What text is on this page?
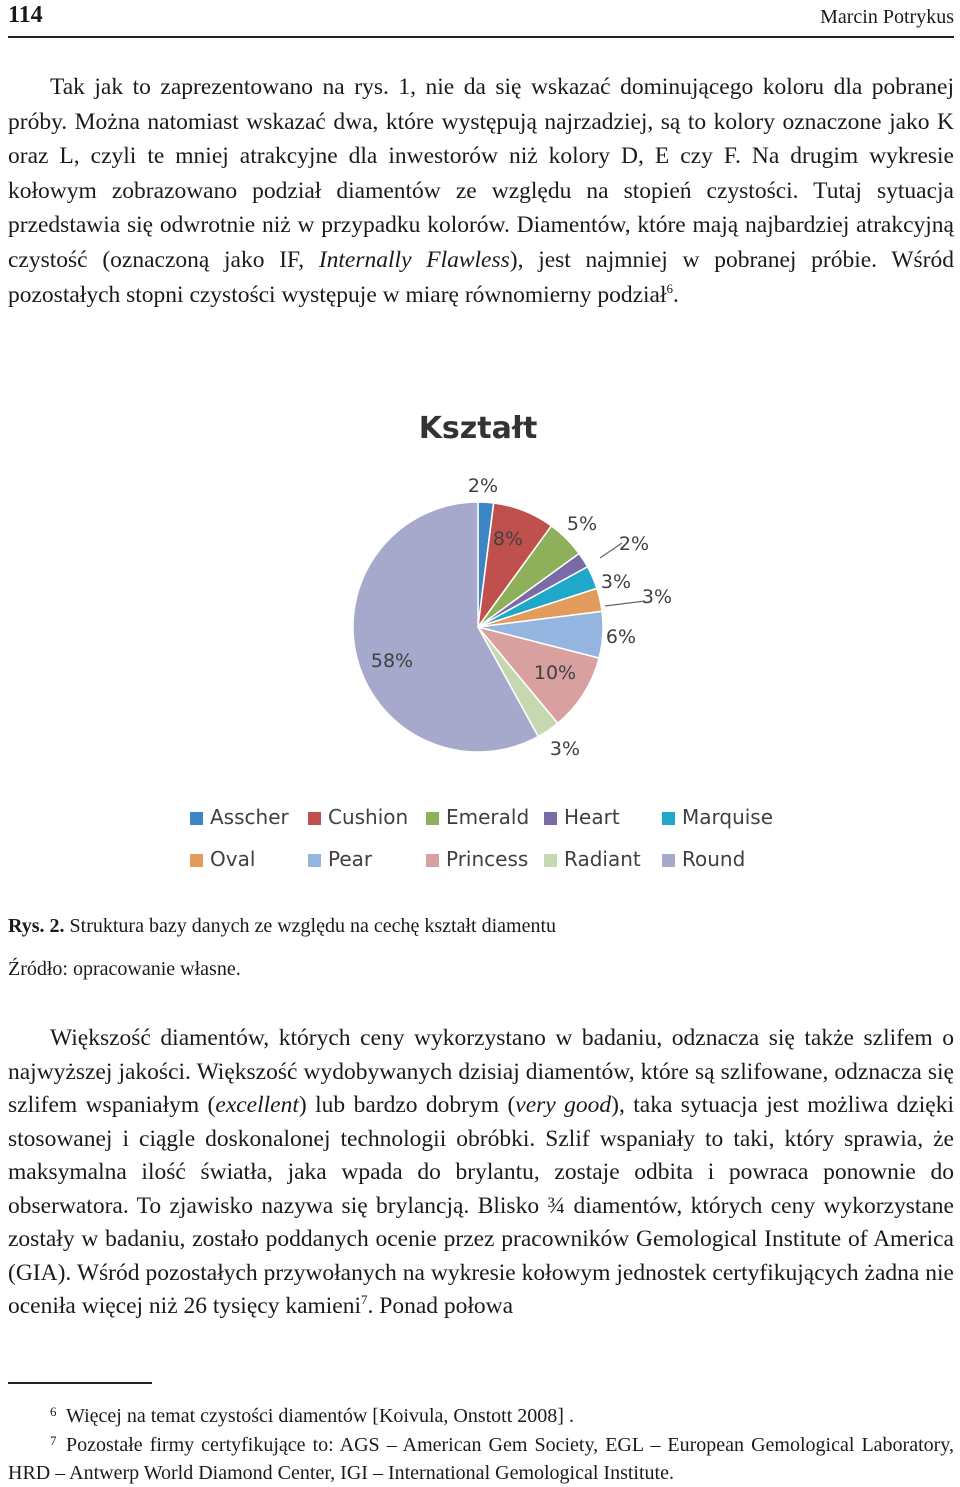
114	Marcin Potrykus
Tak jak to zaprezentowano na rys. 1, nie da się wskazać dominującego koloru dla pobranej próby. Można natomiast wskazać dwa, które występują najrzadziej, są to kolory oznaczone jako K oraz L, czyli te mniej atrakcyjne dla inwestorów niż kolory D, E czy F. Na drugim wykresie kołowym zobrazowano podział diamentów ze względu na stopień czystości. Tutaj sytuacja przedstawia się odwrotnie niż w przypadku kolorów. Diamentów, które mają najbardziej atrakcyjną czystość (oznaczoną jako IF, Internally Flawless), jest najmniej w pobranej próbie. Wśród pozostałych stopni czystości występuje w miarę równomierny podział$^6$.
Kształt
2%
8%
5%
2%
3%
3%
6%
10%
3%
58%
Asscher Cushion Emerald Heart	Marquise
Oval	Pear	Princess Radiant Round
Rys. 2. Struktura bazy danych ze względu na cechę kształt diamentu
Źródło: opracowanie własne.
Większość diamentów, których ceny wykorzystano w badaniu, odznacza się także szlifem o najwyższej jakości. Większość wydobywanych dzisiaj diamentów, które są szlifowane, odznacza się szlifem wspaniałym (excellent) lub bardzo dobrym (very good), taka sytuacja jest możliwa dzięki stosowanej i ciągle doskonalonej technologii obróbki. Szlif wspaniały to taki, który sprawia, że maksymalna ilość światła, jaka wpada do brylantu, zostaje odbita i powraca ponownie do obserwatora. To zjawisko nazywa się brylancją. Blisko ¾ diamentów, których ceny wykorzystane zostały w badaniu, zostało poddanych ocenie przez pracowników Gemological Institute of America (GIA). Wśród pozostałych przywołanych na wykresie kołowym jednostek certyfikujących żadna nie oceniła więcej niż 26 tysięcy kamieni$^7$. Ponad połowa
6 Więcej na temat czystości diamentów [Koivula, Onstott 2008] .
7 Pozostałe firmy certyfikujące to: AGS – American Gem Society, EGL – European Gemological Laboratory, HRD – Antwerp World Diamond Center, IGI – International Gemological Institute.
